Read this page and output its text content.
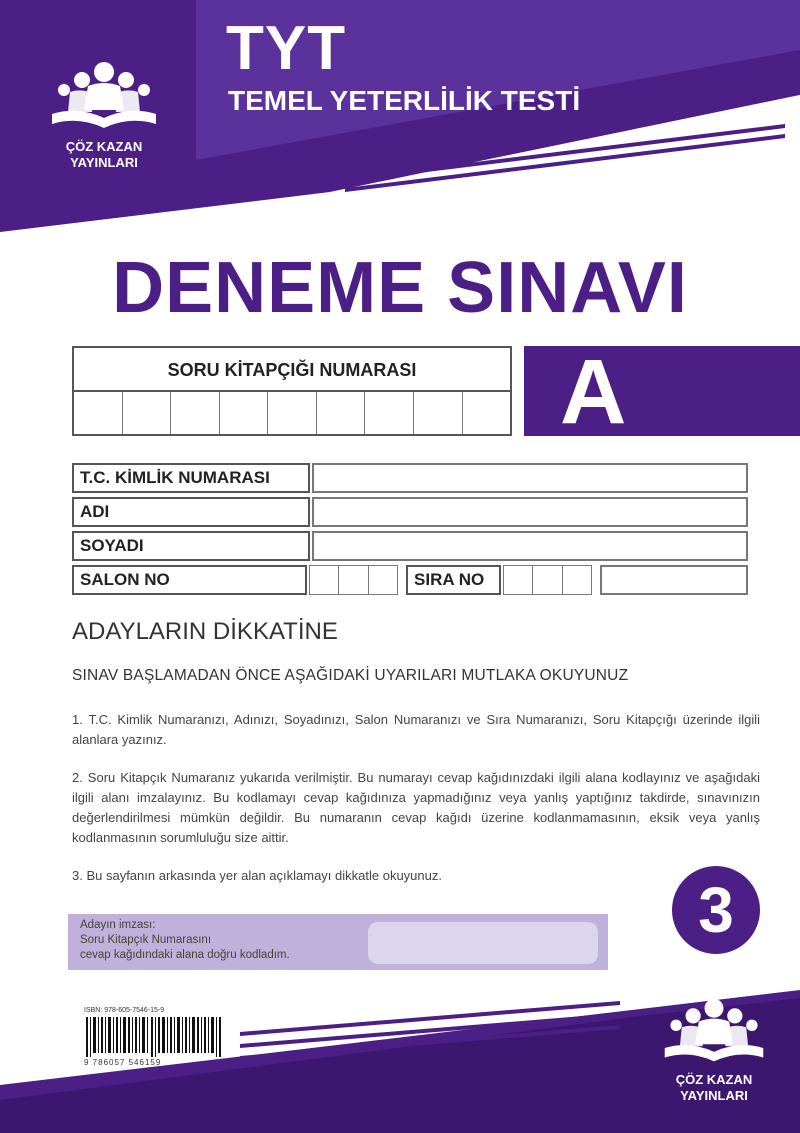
ÇÖZ KAZAN
YAYINLARI
TYT
TEMEL YETERLİLİK TESTİ
DENEME SINAVI
SORU KİTAPÇIĞI NUMARASI	A
T.C. KİMLİK NUMARASI
ADI
SOYADI
SALON NO	SIRA NO
ADAYLARIN DİKKATİNE
SINAV BAŞLAMADAN ÖNCE AŞAĞIDAKİ UYARILARI MUTLAKA OKUYUNUZ
1. T.C. Kimlik Numaranızı, Adınızı, Soyadınızı, Salon Numaranızı ve Sıra Numaranızı, Soru Kitapçığı üzerinde ilgili alanlara yazınız.
2. Soru Kitapçık Numaranız yukarıda verilmiştir. Bu numarayı cevap kağıdınızdaki ilgili alana kodlayınız ve aşağıdaki ilgili alanı imzalayınız. Bu kodlamayı cevap kağıdınıza yapmadığınız veya yanlış yaptığınız takdirde, sınavınızın değerlendirilmesi mümkün değildir. Bu numaranın cevap kağıdı üzerine kodlanmamasının, eksik veya yanlış kodlanmasının sorumluluğu size aittir.
3. Bu sayfanın arkasında yer alan açıklamayı dikkatle okuyunuz.	3
Adayın imzası:
Soru Kitapçık Numarasını
cevap kağıdındaki alana doğru kodladım.
ISBN: 978-605-7546-15-9
9 786057 546159
ÇÖZ KAZAN
YAYINLARI
